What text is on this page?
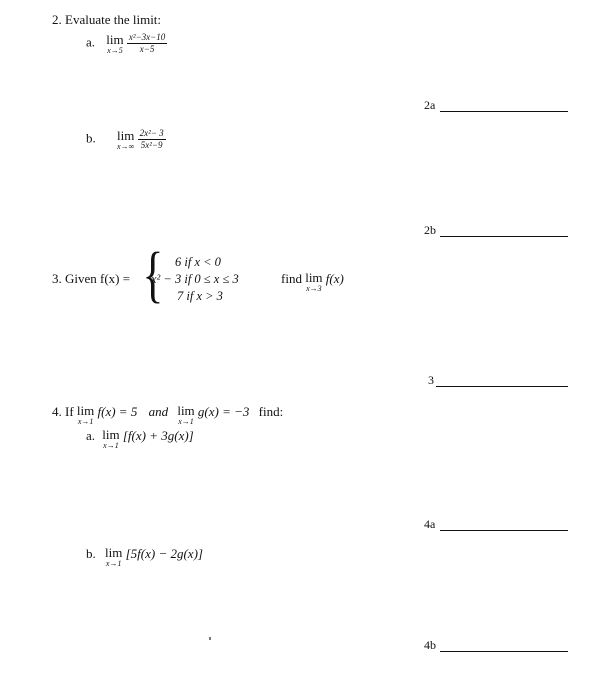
2. Evaluate the limit:
a. lim
x→5
$\frac{\text{x²−3x−10}}{x-5}$
b. lim
x→∞
$\frac{\text{2x²− 3}}{\text{5x²−9}}$
2a
2b
3. Given f(x) = { 6 if x < 0
x² − 3 if 0 ≤ x ≤ 3
7 if x > 3
find lim
x→3
f(x)
3
4. If lim
x→1
f(x) = 5 and lim
x→1
g(x) = −3 find:
a. lim
x→1
[f(x) + 3g(x)]
b. lim
x→1
[5f(x) − 2g(x)]
4a
4b
